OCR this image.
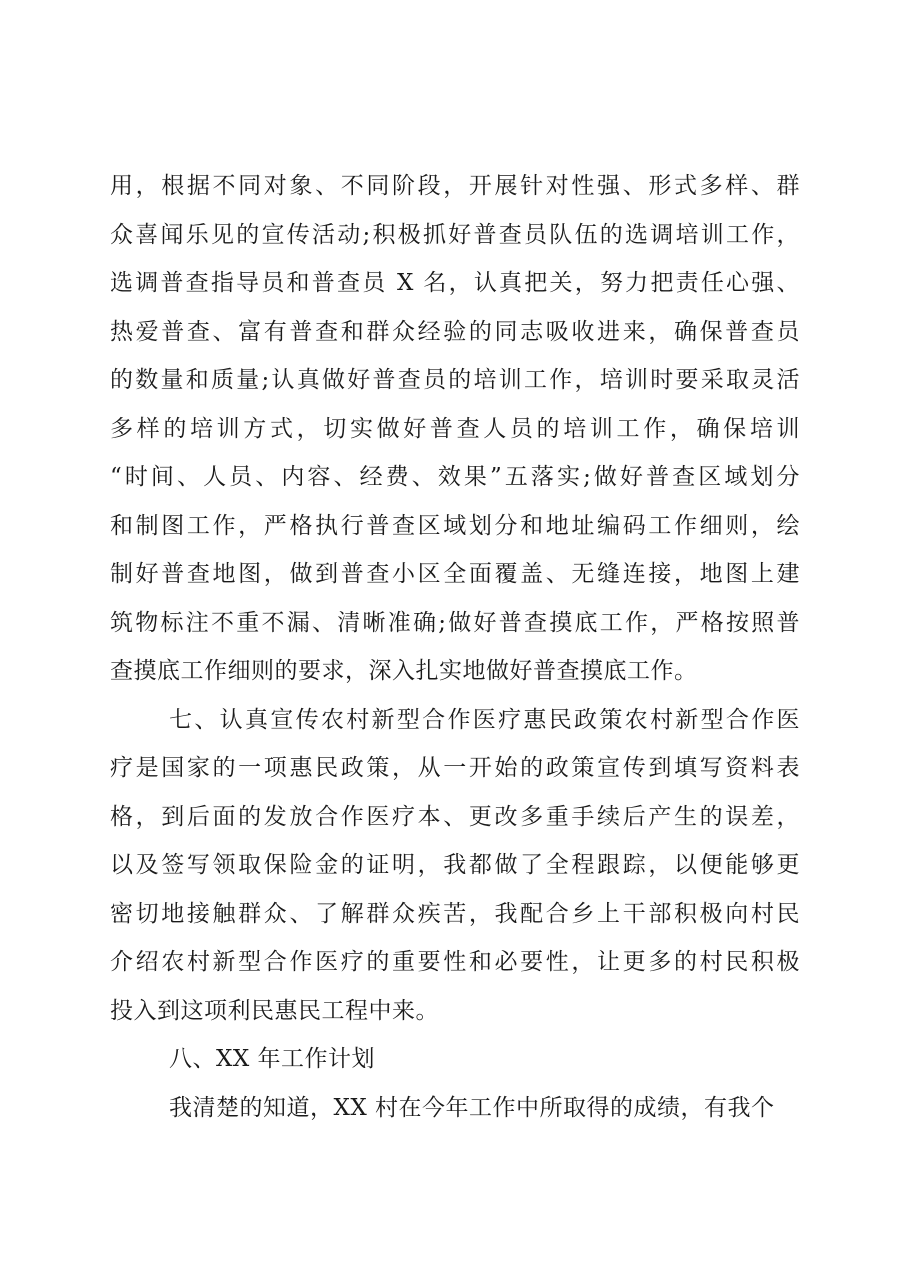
用，根据不同对象、不同阶段，开展针对性强、形式多样、群
众喜闻乐见的宣传活动;积极抓好普查员队伍的选调培训工作，
选调普查指导员和普查员 X 名，认真把关，努力把责任心强、
热爱普查、富有普查和群众经验的同志吸收进来，确保普查员
的数量和质量;认真做好普查员的培训工作，培训时要采取灵活
多样的培训方式，切实做好普查人员的培训工作，确保培训
“时间、人员、内容、经费、效果”五落实;做好普查区域划分
和制图工作，严格执行普查区域划分和地址编码工作细则，绘
制好普查地图，做到普查小区全面覆盖、无缝连接，地图上建
筑物标注不重不漏、清晰准确;做好普查摸底工作，严格按照普
查摸底工作细则的要求，深入扎实地做好普查摸底工作。
七、认真宣传农村新型合作医疗惠民政策农村新型合作医
疗是国家的一项惠民政策，从一开始的政策宣传到填写资料表
格，到后面的发放合作医疗本、更改多重手续后产生的误差，
以及签写领取保险金的证明，我都做了全程跟踪，以便能够更
密切地接触群众、了解群众疾苦，我配合乡上干部积极向村民
介绍农村新型合作医疗的重要性和必要性，让更多的村民积极
投入到这项利民惠民工程中来。
八、XX 年工作计划
我清楚的知道，XX 村在今年工作中所取得的成绩，有我个
